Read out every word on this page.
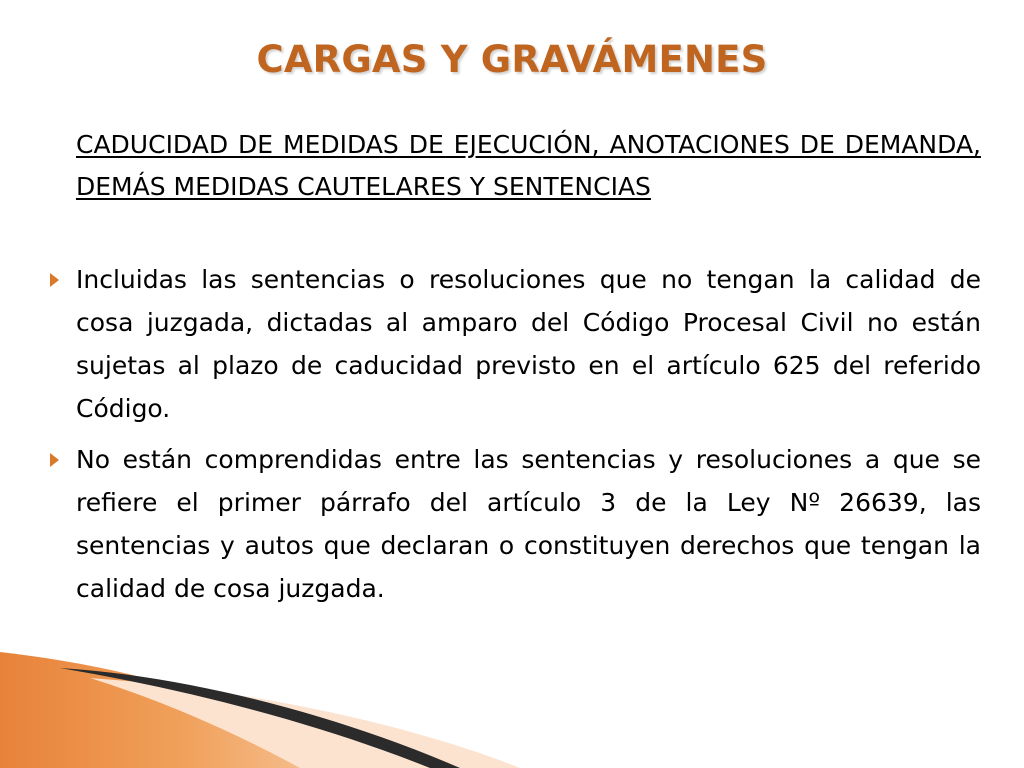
CARGAS Y GRAVÁMENES

CADUCIDAD DE MEDIDAS DE EJECUCIÓN, ANOTACIONES DE DEMANDA, DEMÁS MEDIDAS CAUTELARES Y SENTENCIAS

Incluidas las sentencias o resoluciones que no tengan la calidad de cosa juzgada, dictadas al amparo del Código Procesal Civil no están sujetas al plazo de caducidad previsto en el artículo 625 del referido Código.
No están comprendidas entre las sentencias y resoluciones a que se refiere el primer párrafo del artículo 3 de la Ley Nº 26639, las sentencias y autos que declaran o constituyen derechos que tengan la calidad de cosa juzgada.
